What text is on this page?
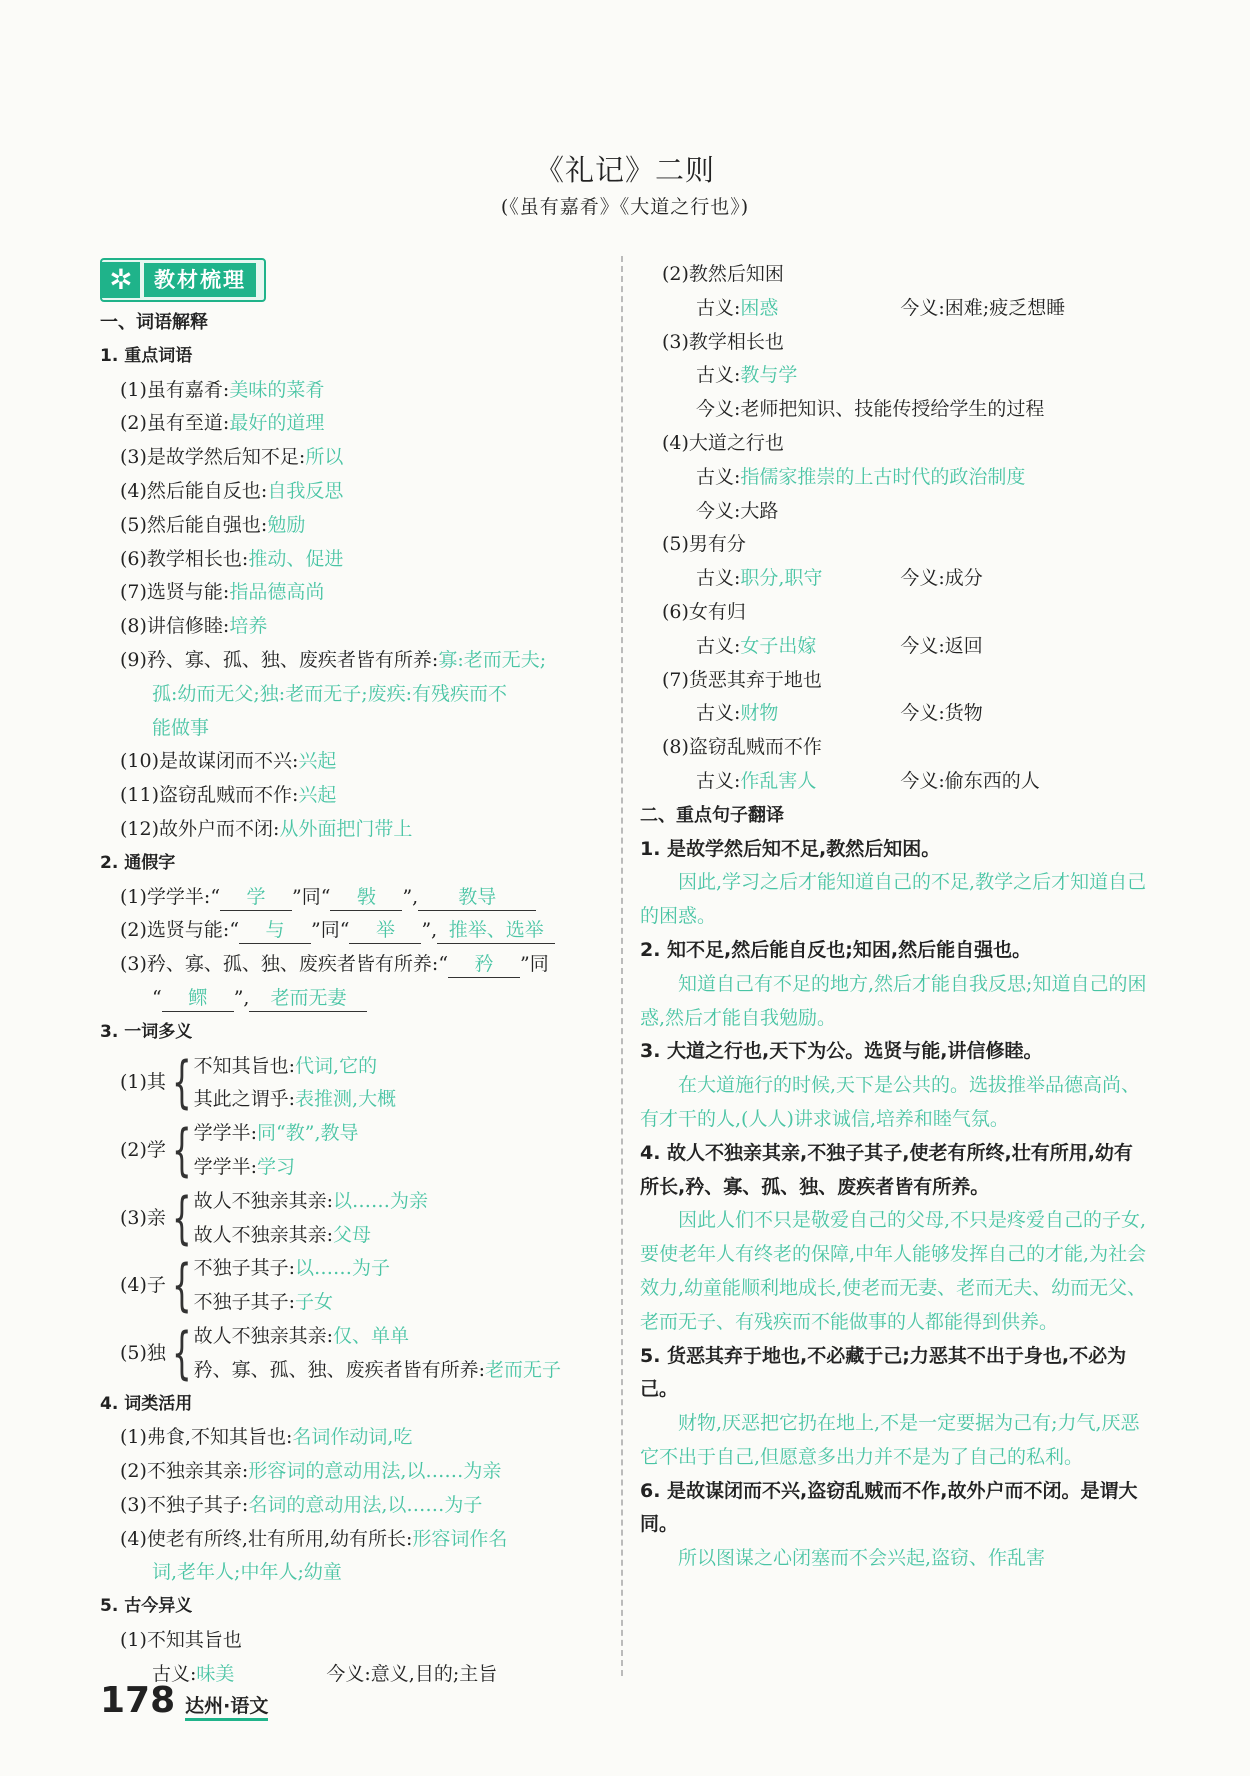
《礼记》二则
(《虽有嘉肴》《大道之行也》)
✲	教材梳理
一、词语解释
1. 重点词语
(1)虽有嘉肴:美味的菜肴
(2)虽有至道:最好的道理
(3)是故学然后知不足:所以
(4)然后能自反也:自我反思
(5)然后能自强也:勉励
(6)教学相长也:推动、促进
(7)选贤与能:指品德高尚
(8)讲信修睦:培养
(9)矜、寡、孤、独、废疾者皆有所养:寡:老而无夫;
孤:幼而无父;独:老而无子;废疾:有残疾而不
能做事
(10)是故谋闭而不兴:兴起
(11)盗窃乱贼而不作:兴起
(12)故外户而不闭:从外面把门带上
2. 通假字
(1)学学半:“ 学 ”同“ 斅 ”, 教导
(2)选贤与能:“ 与 ”同“ 举 ”, 推举、选举
(3)矜、寡、孤、独、废疾者皆有所养:“ 矜 ”同
“ 鳏 ”, 老而无妻
3. 一词多义
(1)其 { 不知其旨也:代词,它的
其此之谓乎:表推测,大概
(2)学 { 学学半:同“教”,教导
学学半:学习
(3)亲 { 故人不独亲其亲:以……为亲
故人不独亲其亲:父母
(4)子 { 不独子其子:以……为子
不独子其子:子女
(5)独 { 故人不独亲其亲:仅、单单
矜、寡、孤、独、废疾者皆有所养:老而无子
4. 词类活用
(1)弗食,不知其旨也:名词作动词,吃
(2)不独亲其亲:形容词的意动用法,以……为亲
(3)不独子其子:名词的意动用法,以……为子
(4)使老有所终,壮有所用,幼有所长:形容词作名
词,老年人;中年人;幼童
5. 古今异义
(1)不知其旨也
古义:味美	今义:意义,目的;主旨
(2)教然后知困
古义:困惑	今义:困难;疲乏想睡
(3)教学相长也
古义:教与学
今义:老师把知识、技能传授给学生的过程
(4)大道之行也
古义:指儒家推崇的上古时代的政治制度
今义:大路
(5)男有分
古义:职分,职守	今义:成分
(6)女有归
古义:女子出嫁	今义:返回
(7)货恶其弃于地也
古义:财物	今义:货物
(8)盗窃乱贼而不作
古义:作乱害人	今义:偷东西的人
二、重点句子翻译
1. 是故学然后知不足,教然后知困。
因此,学习之后才能知道自己的不足,教学之后才知道自己的困惑。
2. 知不足,然后能自反也;知困,然后能自强也。
知道自己有不足的地方,然后才能自我反思;知道自己的困惑,然后才能自我勉励。
3. 大道之行也,天下为公。选贤与能,讲信修睦。
在大道施行的时候,天下是公共的。选拔推举品德高尚、有才干的人,(人人)讲求诚信,培养和睦气氛。
4. 故人不独亲其亲,不独子其子,使老有所终,壮有所用,幼有所长,矜、寡、孤、独、废疾者皆有所养。
因此人们不只是敬爱自己的父母,不只是疼爱自己的子女,要使老年人有终老的保障,中年人能够发挥自己的才能,为社会效力,幼童能顺利地成长,使老而无妻、老而无夫、幼而无父、老而无子、有残疾而不能做事的人都能得到供养。
5. 货恶其弃于地也,不必藏于己;力恶其不出于身也,不必为己。
财物,厌恶把它扔在地上,不是一定要据为己有;力气,厌恶它不出于自己,但愿意多出力并不是为了自己的私利。
6. 是故谋闭而不兴,盗窃乱贼而不作,故外户而不闭。是谓大同。
所以图谋之心闭塞而不会兴起,盗窃、作乱害
178 达州·语文
